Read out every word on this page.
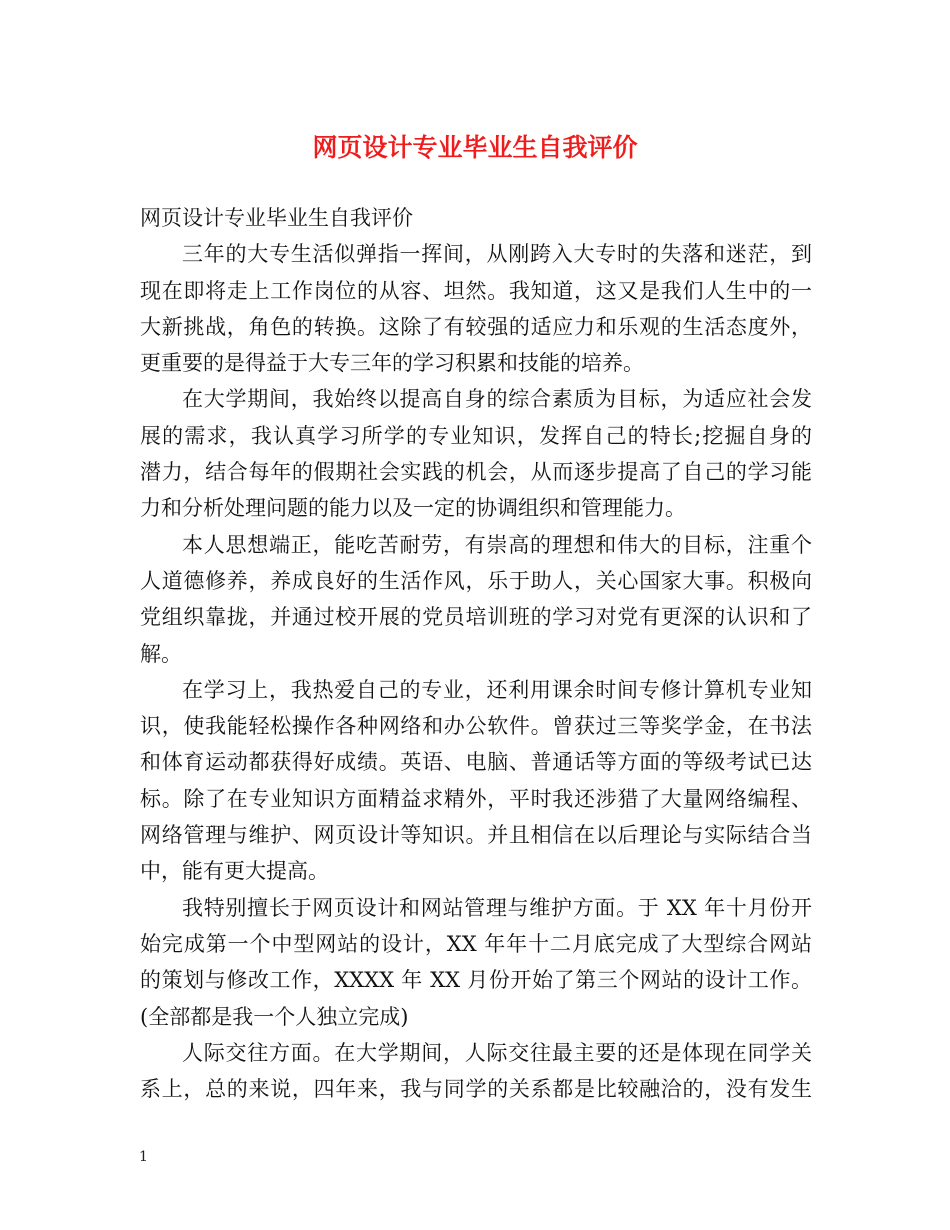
网页设计专业毕业生自我评价
网页设计专业毕业生自我评价
三年的大专生活似弹指一挥间，从刚跨入大专时的失落和迷茫，到
现在即将走上工作岗位的从容、坦然。我知道，这又是我们人生中的一
大新挑战，角色的转换。这除了有较强的适应力和乐观的生活态度外，
更重要的是得益于大专三年的学习积累和技能的培养。
在大学期间，我始终以提高自身的综合素质为目标，为适应社会发
展的需求，我认真学习所学的专业知识，发挥自己的特长;挖掘自身的
潜力，结合每年的假期社会实践的机会，从而逐步提高了自己的学习能
力和分析处理问题的能力以及一定的协调组织和管理能力。
本人思想端正，能吃苦耐劳，有崇高的理想和伟大的目标，注重个
人道德修养，养成良好的生活作风，乐于助人，关心国家大事。积极向
党组织靠拢，并通过校开展的党员培训班的学习对党有更深的认识和了
解。
在学习上，我热爱自己的专业，还利用课余时间专修计算机专业知
识，使我能轻松操作各种网络和办公软件。曾获过三等奖学金，在书法
和体育运动都获得好成绩。英语、电脑、普通话等方面的等级考试已达
标。除了在专业知识方面精益求精外，平时我还涉猎了大量网络编程、
网络管理与维护、网页设计等知识。并且相信在以后理论与实际结合当
中，能有更大提高。
我特别擅长于网页设计和网站管理与维护方面。于 XX 年十月份开
始完成第一个中型网站的设计，XX 年年十二月底完成了大型综合网站
的策划与修改工作，XXXX 年 XX 月份开始了第三个网站的设计工作。
(全部都是我一个人独立完成)
人际交往方面。在大学期间，人际交往最主要的还是体现在同学关
系上，总的来说，四年来，我与同学的关系都是比较融洽的，没有发生
1
